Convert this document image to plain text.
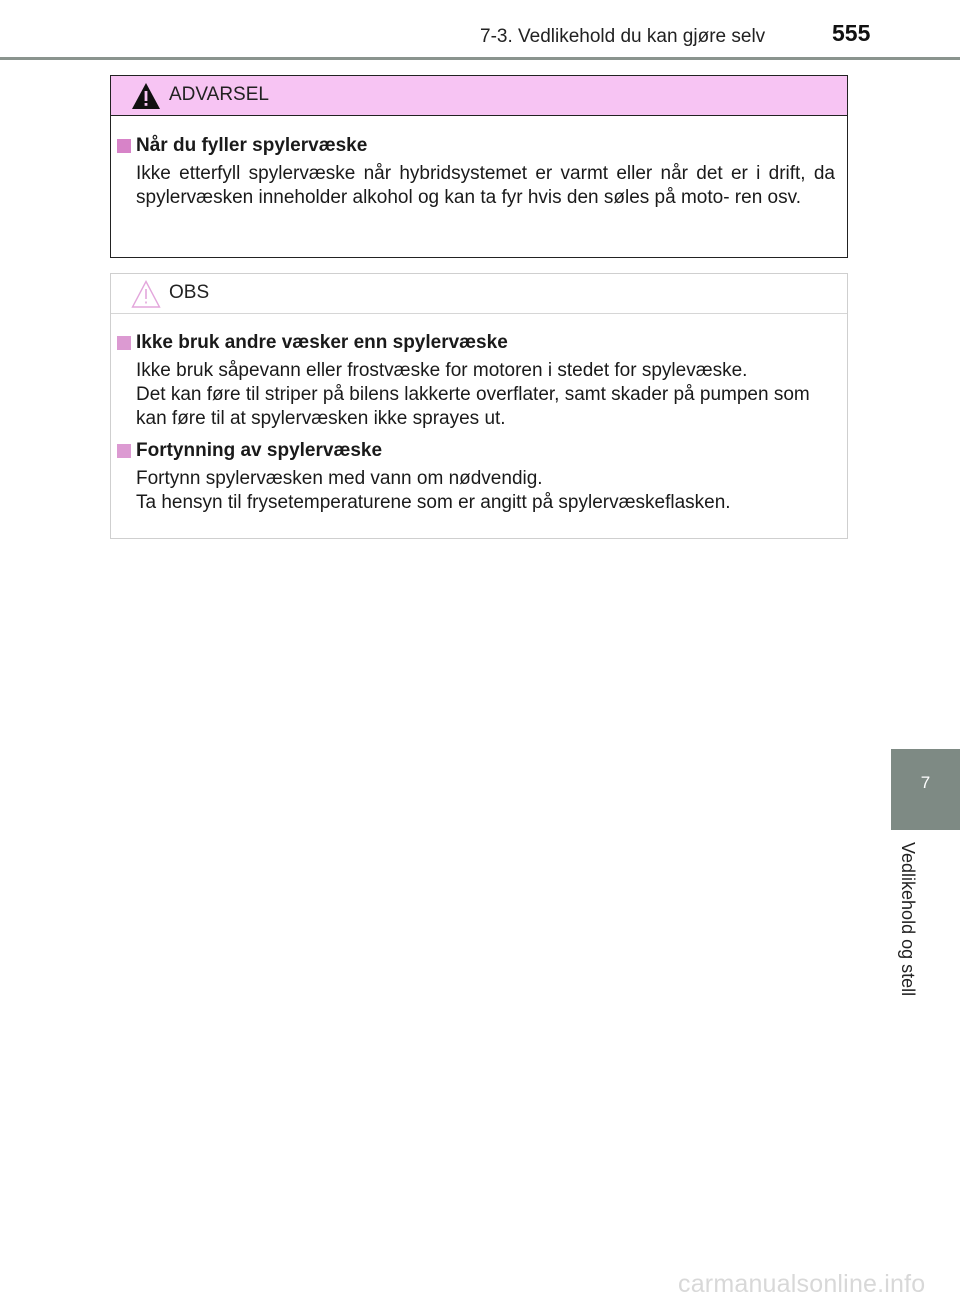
7-3. Vedlikehold du kan gjøre selv	555
ADVARSEL
Når du fyller spylervæske

Ikke etterfyll spylervæske når hybridsystemet er varmt eller når det er i drift, da spylervæsken inneholder alkohol og kan ta fyr hvis den søles på moto- ren osv.

OBS
Ikke bruk andre væsker enn spylervæske

Ikke bruk såpevann eller frostvæske for motoren i stedet for spylevæske.

Det kan føre til striper på bilens lakkerte overflater, samt skader på pumpen som kan føre til at spylervæsken ikke sprayes ut.

Fortynning av spylervæske

Fortynn spylervæsken med vann om nødvendig.

Ta hensyn til frysetemperaturene som er angitt på spylervæskeflasken.

7
Vedlikehold og stell
carmanualsonline.info
